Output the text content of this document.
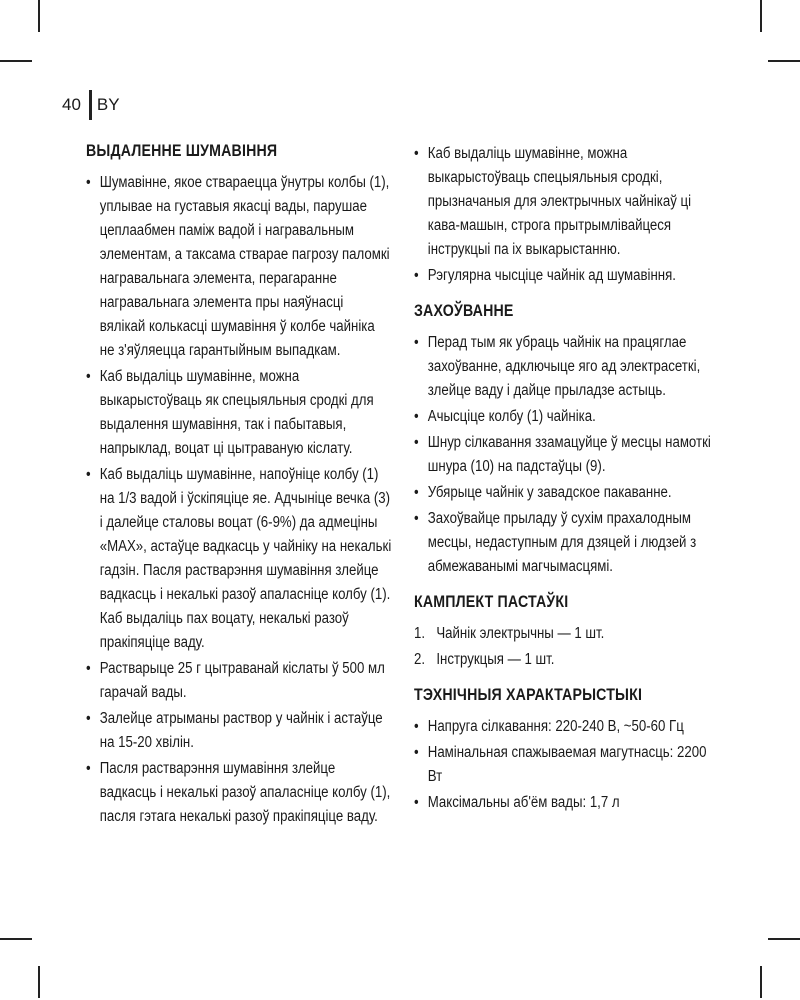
40 BY
ВЫДАЛЕННЕ ШУМАВІННЯ
• Шумавінне, якое ствараецца ўнутры колбы (1), уплывае на густавыя якасці вады, парушае цеплаабмен паміж вадой і награвальным элементам, а таксама стварае пагрозу паломкі награвальнага элемента, перагаранне награвальнага элемента пры наяўнасці вялікай колькасці шумавіння ў колбе чайніка не з'яўляецца гарантыйным выпадкам.
• Каб выдаліць шумавінне, можна выкарыстоўваць як спецыяльныя сродкі для выдалення шумавіння, так і пабытавыя, напрыклад, воцат ці цытраваную кіслату.
• Каб выдаліць шумавінне, напоўніце колбу (1) на 1/3 вадой і ўскіпяціце яе. Адчыніце вечка (3) і далейце сталовы воцат (6-9%) да адмеціны «MAX», астаўце вадкасць у чайніку на некалькі гадзін. Пасля растварэння шумавіння злейце вадкасць і некалькі разоў апаласніце колбу (1). Каб выдаліць пах воцату, некалькі разоў пракіпяціце ваду.
• Растварыце 25 г цытраванай кіслаты ў 500 мл гарачай вады.
• Залейце атрыманы раствор у чайнік і астаўце на 15-20 хвілін.
• Пасля растварэння шумавіння злейце вадкасць і некалькі разоў апаласніце колбу (1), пасля гэтага некалькі разоў пракіпяціце ваду.
• Каб выдаліць шумавінне, можна выкарыстоўваць спецыяльныя сродкі, прызначаныя для электрычных чайнікаў ці кава-машын, строга прытрымлівайцеся інструкцыі па іх выкарыстанню.
• Рэгулярна чысціце чайнік ад шумавіння.
ЗАХОЎВАННЕ
• Перад тым як убраць чайнік на працяглае захоўванне, адключыце яго ад электрасеткі, злейце ваду і дайце прыладзе астыць.
• Ачысціце колбу (1) чайніка.
• Шнур сілкавання ззамацуйце ў месцы намоткі шнура (10) на падстаўцы (9).
• Убярыце чайнік у завадское пакаванне.
• Захоўвайце прыладу ў сухім прахалодным месцы, недаступным для дзяцей і людзей з абмежаванымі магчымасцямі.
КАМПЛЕКТ ПАСТАЎКІ
1. Чайнік электрычны — 1 шт.
2. Інструкцыя — 1 шт.
ТЭХНІЧНЫЯ ХАРАКТАРЫСТЫКІ
• Напруга сілкавання: 220-240 В, ~50-60 Гц
• Намінальная спажываемая магутнасць: 2200 Вт
• Максімальны аб'ём вады: 1,7 л
